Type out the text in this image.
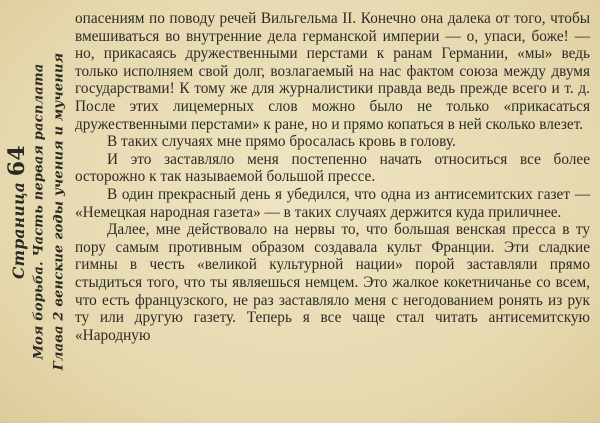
Страница 64 Моя борьба. Часть первая расплата Глава 2 венские годы учения и мучения

опасениям по поводу речей Вильгельма II. Конечно она далека от того, чтобы вмешиваться во внутренние дела германской империи — о, упаси, боже! — но, прикасаясь дружественными перстами к ранам Германии, «мы» ведь только исполняем свой долг, возлагаемый на нас фактом союза между двумя государствами! К тому же для журналистики правда ведь прежде всего и т. д. После этих лицемерных слов можно было не только «прикасаться дружественными перстами» к ране, но и прямо копаться в ней сколько влезет.

В таких случаях мне прямо бросалась кровь в голову.

И это заставляло меня постепенно начать относиться все более осторожно к так называемой большой прессе.

В один прекрасный день я убедился, что одна из антисемитских газет — «Немецкая народная газета» — в таких случаях держится куда приличнее.

Далее, мне действовало на нервы то, что большая венская пресса в ту пору самым противным образом создавала культ Франции. Эти сладкие гимны в честь «великой культурной нации» порой заставляли прямо стыдиться того, что ты являешься немцем. Это жалкое кокетничанье со всем, что есть французского, не раз заставляло меня с негодованием ронять из рук ту или другую газету. Теперь я все чаще стал читать антисемитскую «Народную
